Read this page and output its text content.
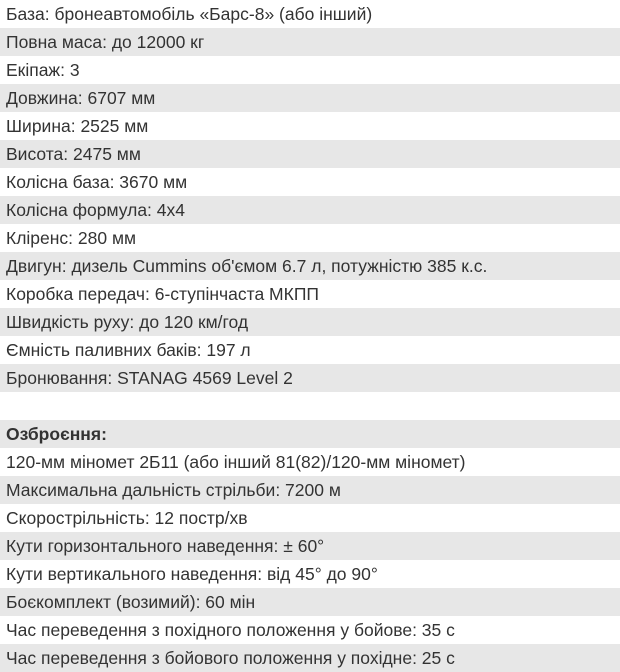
База: бронеавтомобіль «Барс-8» (або інший)
Повна маса: до 12000 кг
Екіпаж: 3
Довжина: 6707 мм
Ширина: 2525 мм
Висота: 2475 мм
Колісна база: 3670 мм
Колісна формула: 4х4
Кліренс: 280 мм
Двигун: дизель Cummins об'ємом 6.7 л, потужністю 385 к.с.
Коробка передач: 6-ступінчаста МКПП
Швидкість руху: до 120 км/год
Ємність паливних баків: 197 л
Бронювання: STANAG 4569 Level 2

Озброєння:
120-мм міномет 2Б11 (або інший 81(82)/120-мм міномет)
Максимальна дальність стрільби: 7200 м
Скорострільність: 12 постр/хв
Кути горизонтального наведення: ± 60°
Кути вертикального наведення: від 45° до 90°
Боєкомплект (возимий): 60 мін
Час переведення з похідного положення у бойове: 35 с
Час переведення з бойового положення у похідне: 25 с
